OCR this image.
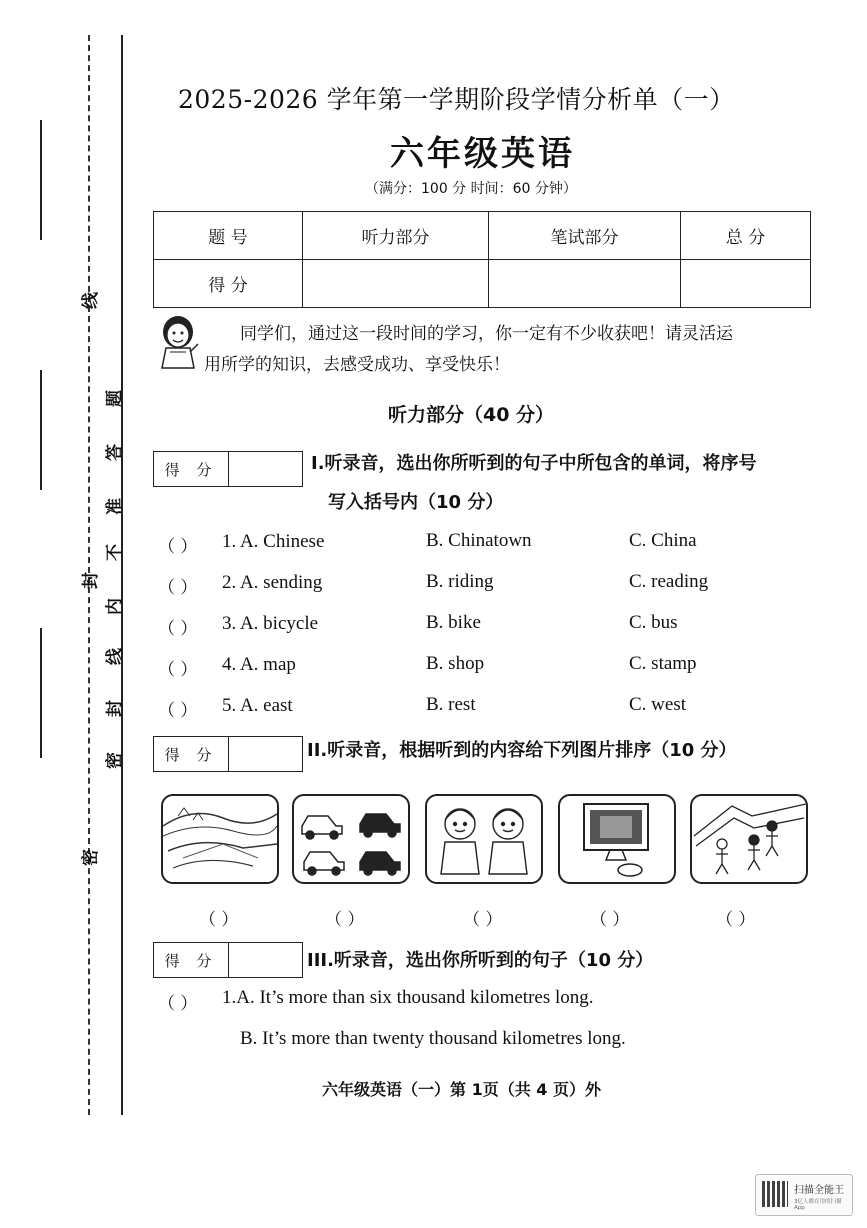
线
封
密
题
答
准
不
内
线
封
密
2025-2026 学年第一学期阶段学情分析单（一）
六年级英语
（满分：100 分 时间：60 分钟）
题 号	听力部分	笔试部分	总 分
得 分			
同学们，通过这一段时间的学习，你一定有不少收获吧！请灵活运
用所学的知识，去感受成功、享受快乐！
听力部分（40 分）
得 分	I.听录音，选出你所听到的句子中所包含的单词，将序号
写入括号内（10 分）
（ ） 1. A. Chinese	B. Chinatown	C. China
（ ） 2. A. sending	B. riding	C. reading
（ ） 3. A. bicycle	B. bike	C. bus
（ ） 4. A. map	B. shop	C. stamp
（ ） 5. A. east	B. rest	C. west
得 分	II.听录音，根据听到的内容给下列图片排序（10 分）
（ ）	（ ）	（ ）	（ ）	（ ）
得 分	III.听录音，选出你所听到的句子（10 分）
（ ） 1.A. It’s more than six thousand kilometres long.
B. It’s more than twenty thousand kilometres long.
六年级英语（一）第 1页（共 4 页）外
扫描全能王
3亿人都在用的扫描App
